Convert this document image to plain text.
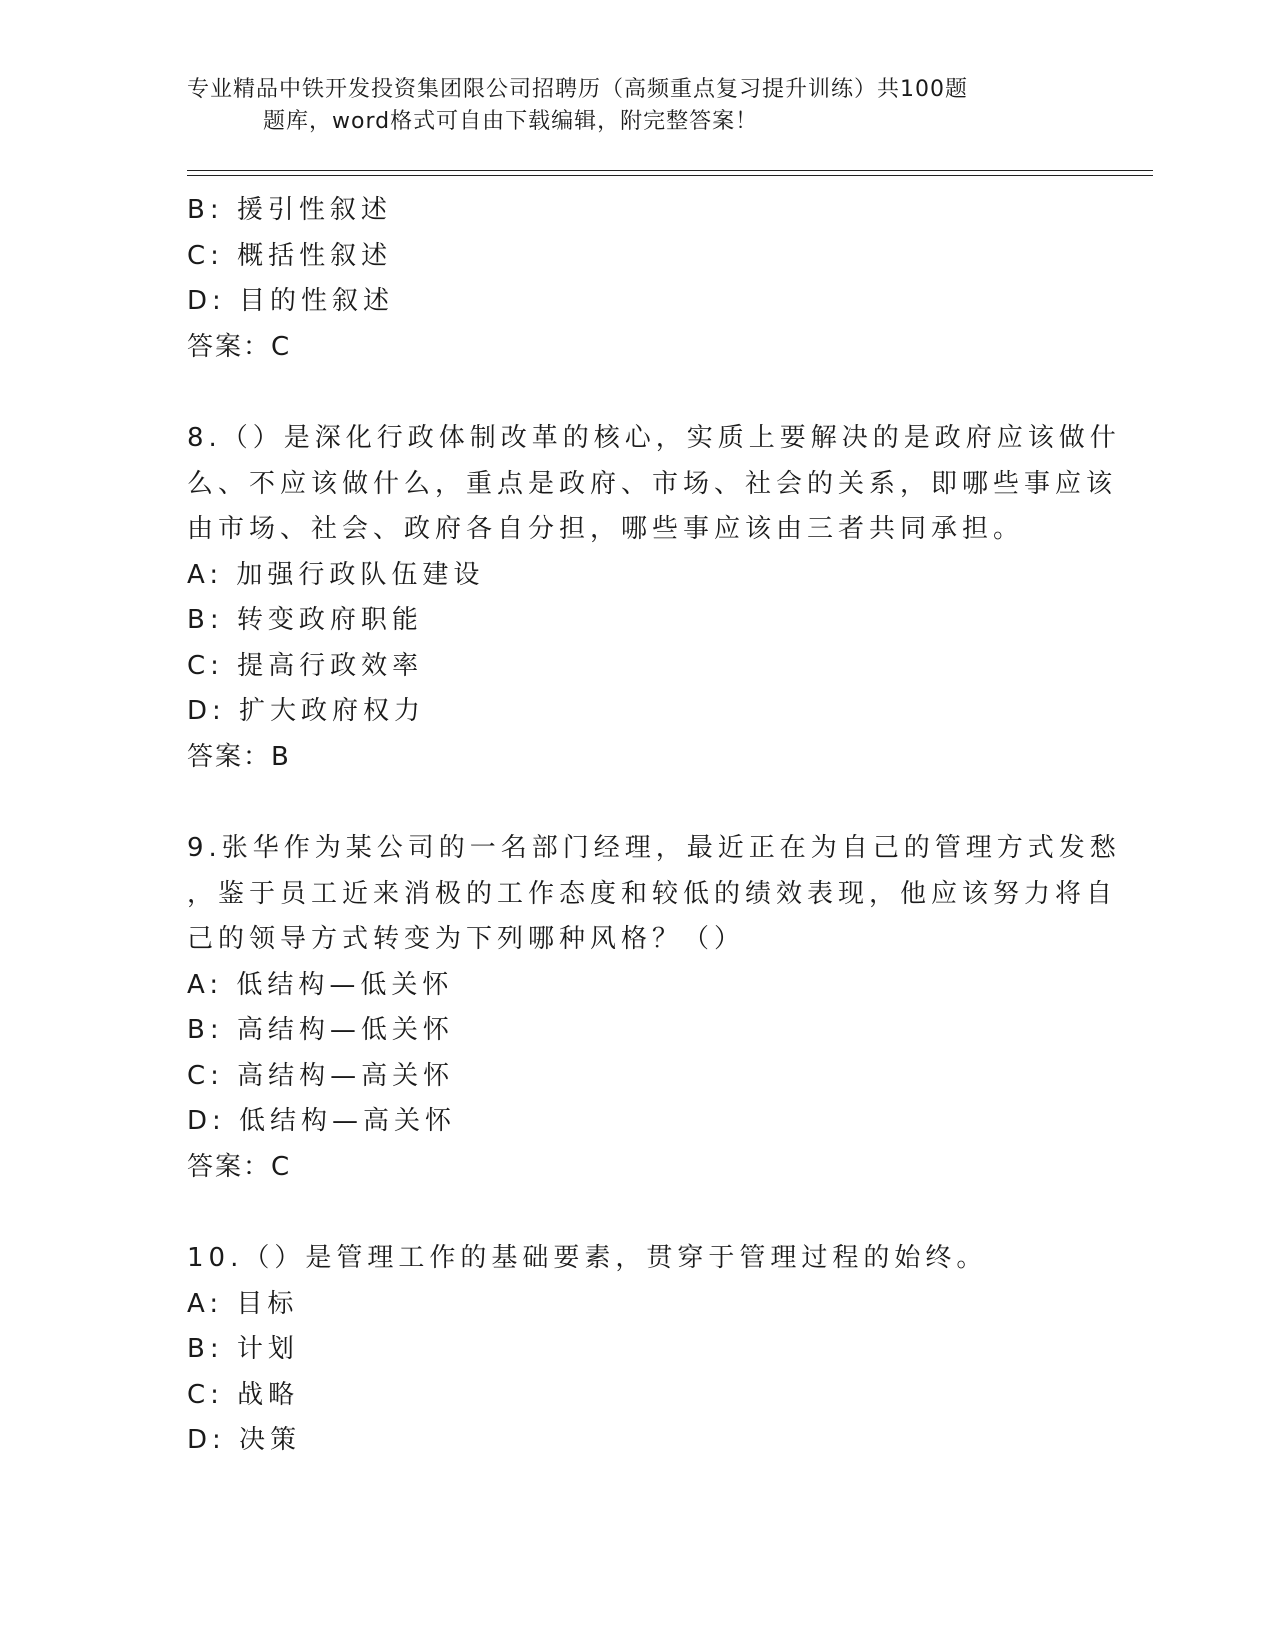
专业精品中铁开发投资集团限公司招聘历（高频重点复习提升训练）共100题
题库，word格式可自由下载编辑，附完整答案！

B: 援引性叙述

C: 概括性叙述

D: 目的性叙述

答案：C

8.（）是深化行政体制改革的核心，实质上要解决的是政府应该做什

么、不应该做什么，重点是政府、市场、社会的关系，即哪些事应该

由市场、社会、政府各自分担，哪些事应该由三者共同承担。

A: 加强行政队伍建设

B: 转变政府职能

C: 提高行政效率

D: 扩大政府权力

答案：B

9.张华作为某公司的一名部门经理，最近正在为自己的管理方式发愁

，鉴于员工近来消极的工作态度和较低的绩效表现，他应该努力将自

己的领导方式转变为下列哪种风格？（）

A: 低结构—低关怀

B: 高结构—低关怀

C: 高结构—高关怀

D: 低结构—高关怀

答案：C

10.（）是管理工作的基础要素，贯穿于管理过程的始终。

A: 目标

B: 计划

C: 战略

D: 决策
